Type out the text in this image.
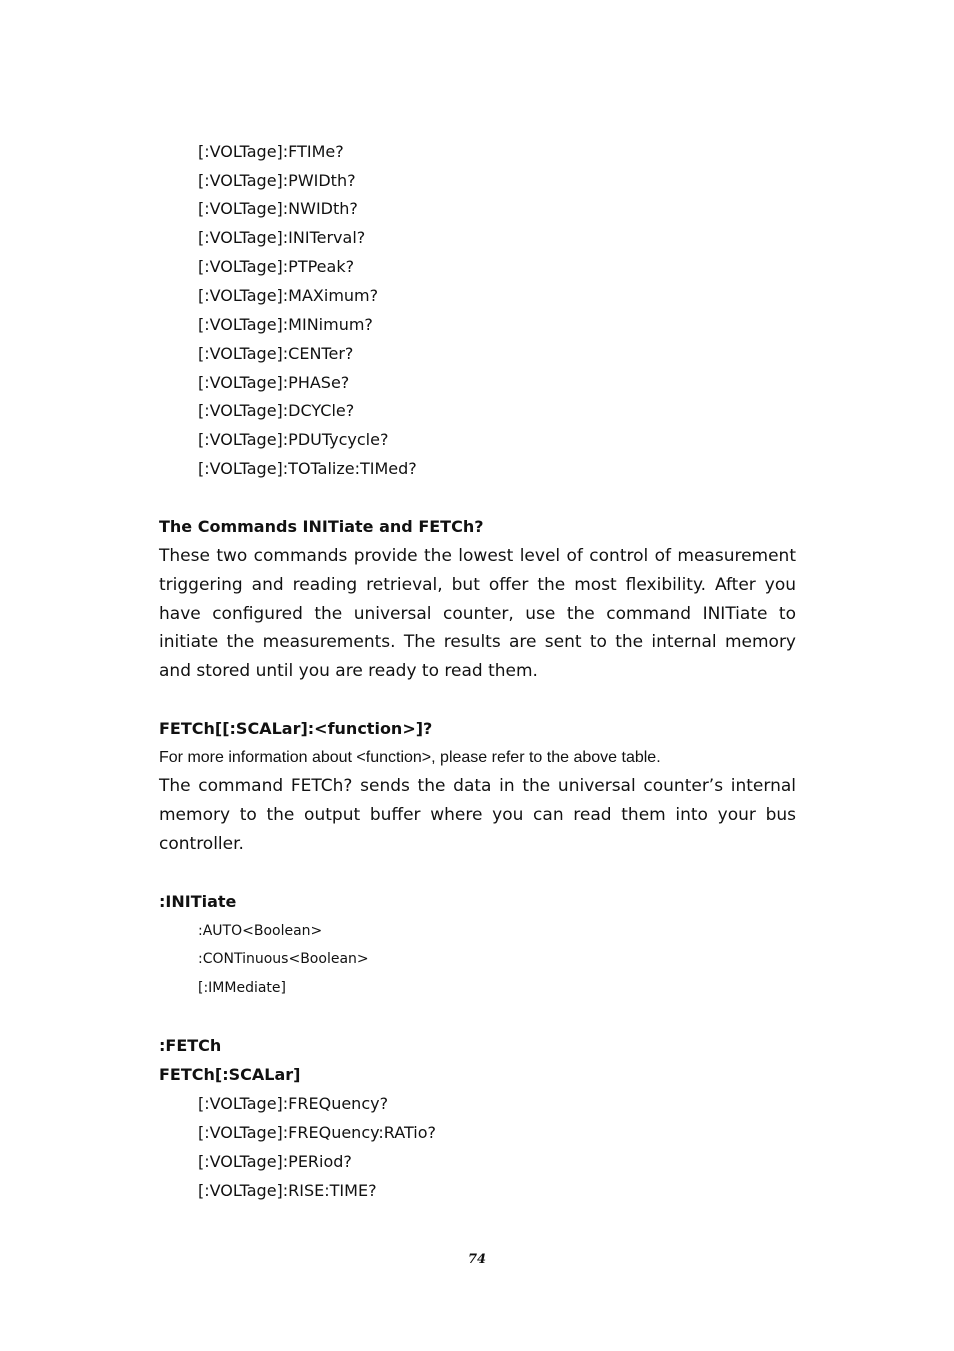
[:VOLTage]:FTIMe?
[:VOLTage]:PWIDth?
[:VOLTage]:NWIDth?
[:VOLTage]:INITerval?
[:VOLTage]:PTPeak?
[:VOLTage]:MAXimum?
[:VOLTage]:MINimum?
[:VOLTage]:CENTer?
[:VOLTage]:PHASe?
[:VOLTage]:DCYCle?
[:VOLTage]:PDUTycycle?
[:VOLTage]:TOTalize:TIMed?
The Commands INITiate and FETCh?
These two commands provide the lowest level of control of measurement
triggering and reading retrieval, but offer the most flexibility. After you
have configured the universal counter, use the command INITiate to
initiate the measurements. The results are sent to the internal memory
and stored until you are ready to read them.
FETCh[[:SCALar]:<function>]?
For more information about <function>, please refer to the above table.
The command FETCh? sends the data in the universal counter’s internal
memory to the output buffer where you can read them into your bus
controller.
:INITiate
:AUTO<Boolean>
:CONTinuous<Boolean>
[:IMMediate]
:FETCh
FETCh[:SCALar]
[:VOLTage]:FREQuency?
[:VOLTage]:FREQuency:RATio?
[:VOLTage]:PERiod?
[:VOLTage]:RISE:TIME?
74
